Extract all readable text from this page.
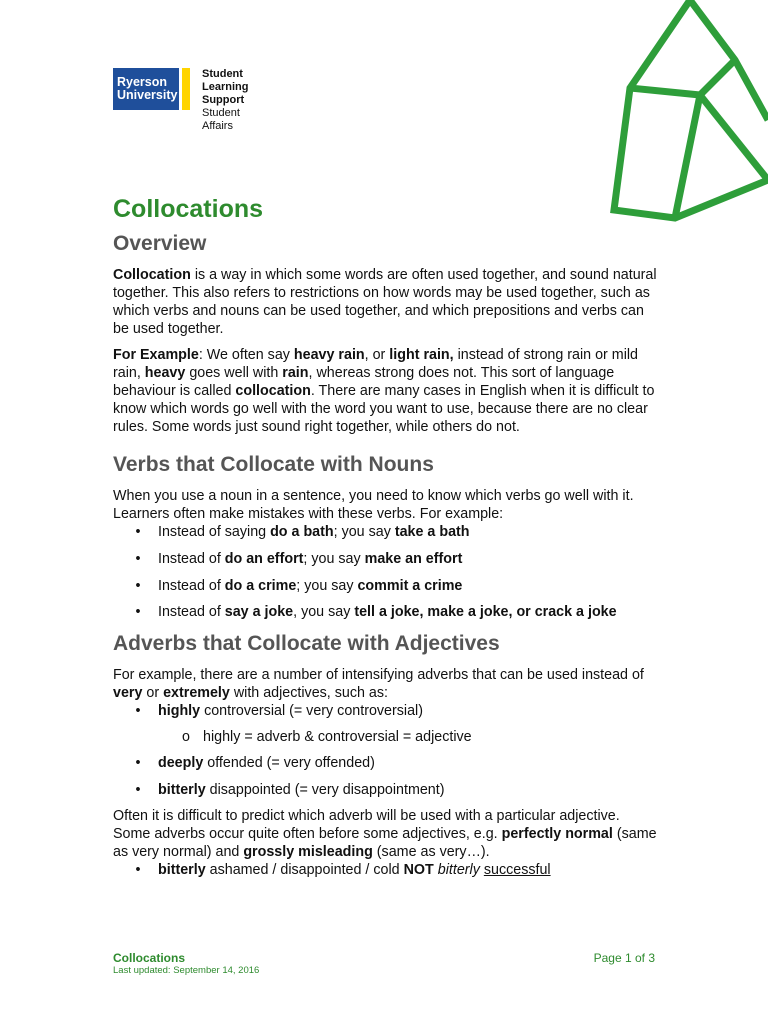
Ryerson
University
Student
Learning Support
Student Affairs
Collocations
Overview

Collocation is a way in which some words are often used together, and sound natural together. This also refers to restrictions on how words may be used together, such as which verbs and nouns can be used together, and which prepositions and verbs can be used together.

For Example: We often say heavy rain, or light rain, instead of strong rain or mild rain, heavy goes well with rain, whereas strong does not. This sort of language behaviour is called collocation. There are many cases in English when it is difficult to know which words go well with the word you want to use, because there are no clear rules. Some words just sound right together, while others do not.

Verbs that Collocate with Nouns

When you use a noun in a sentence, you need to know which verbs go well with it. Learners often make mistakes with these verbs. For example:

• Instead of saying do a bath; you say take a bath
• Instead of do an effort; you say make an effort
• Instead of do a crime; you say commit a crime
• Instead of say a joke, you say tell a joke, make a joke, or crack a joke
Adverbs that Collocate with Adjectives

For example, there are a number of intensifying adverbs that can be used instead of very or extremely with adjectives, such as:

• highly controversial (= very controversial)
o highly = adverb & controversial = adjective
• deeply offended (= very offended)
• bitterly disappointed (= very disappointment)

Often it is difficult to predict which adverb will be used with a particular adjective. Some adverbs occur quite often before some adjectives, e.g. perfectly normal (same as very normal) and grossly misleading (same as very…).

• bitterly ashamed / disappointed / cold NOT bitterly successful
Collocations
Last updated: September 14, 2016
Page 1 of 3
